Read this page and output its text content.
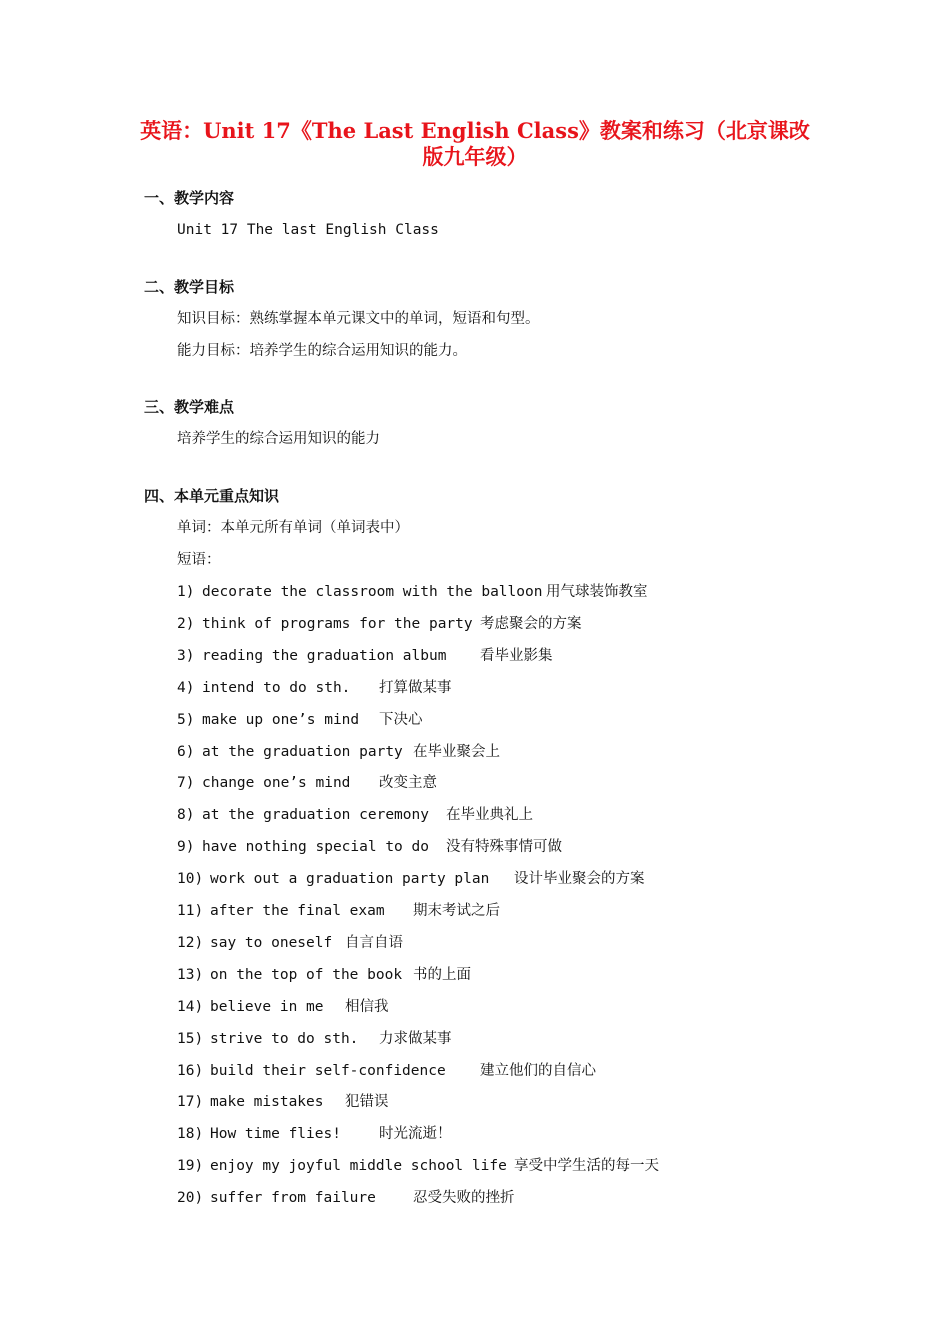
英语：Unit 17《The Last English Class》教案和练习（北京课改版九年级）
一、教学内容

Unit 17 The last English Class

二、教学目标

知识目标：熟练掌握本单元课文中的单词，短语和句型。

能力目标：培养学生的综合运用知识的能力。

三、教学难点

培养学生的综合运用知识的能力

四、本单元重点知识

单词：本单元所有单词（单词表中）

短语：

1) decorate the classroom with the balloon 用气球装饰教室
2) think of programs for the party 考虑聚会的方案
3) reading the graduation album 看毕业影集
4) intend to do sth. 打算做某事
5) make up one’s mind 下决心
6) at the graduation party 在毕业聚会上
7) change one’s mind 改变主意
8) at the graduation ceremony 在毕业典礼上
9) have nothing special to do 没有特殊事情可做
10) work out a graduation party plan 设计毕业聚会的方案
11) after the final exam 期末考试之后
12) say to oneself 自言自语
13) on the top of the book 书的上面
14) believe in me 相信我
15) strive to do sth. 力求做某事
16) build their self-confidence 建立他们的自信心
17) make mistakes 犯错误
18) How time flies!	时光流逝！
19) enjoy my joyful middle school life 享受中学生活的每一天
20) suffer from failure	忍受失败的挫折
